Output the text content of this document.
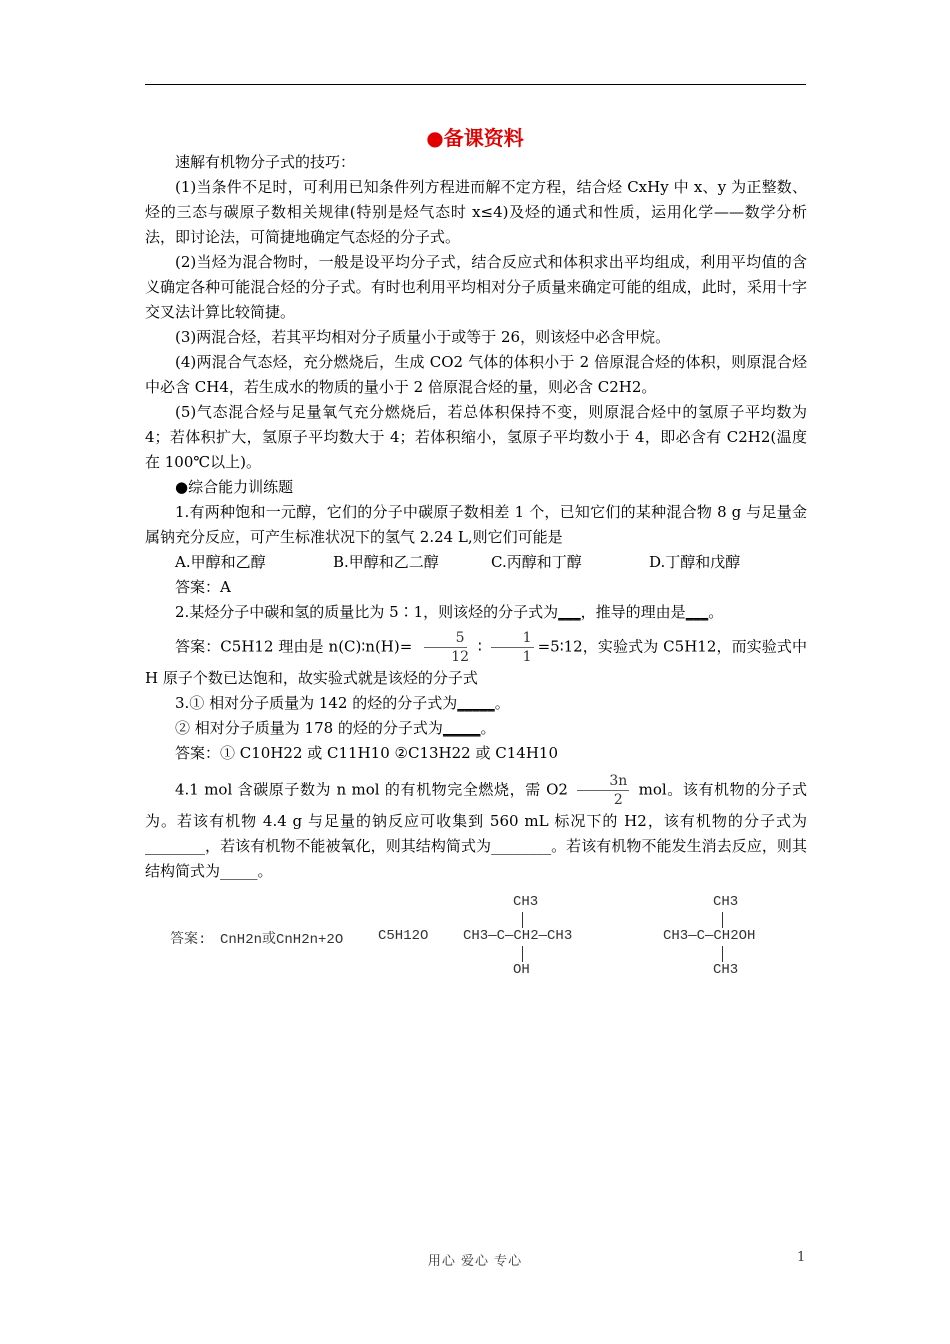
●备课资料

速解有机物分子式的技巧：

(1)当条件不足时，可利用已知条件列方程进而解不定方程，结合烃 CxHy 中 x、y 为正整数、烃的三态与碳原子数相关规律(特别是烃气态时 x≤4)及烃的通式和性质，运用化学——数学分析法，即讨论法，可简捷地确定气态烃的分子式。

(2)当烃为混合物时，一般是设平均分子式，结合反应式和体积求出平均组成，利用平均值的含义确定各种可能混合烃的分子式。有时也利用平均相对分子质量来确定可能的组成，此时，采用十字交叉法计算比较简捷。

(3)两混合烃，若其平均相对分子质量小于或等于 26，则该烃中必含甲烷。

(4)两混合气态烃，充分燃烧后，生成 CO2 气体的体积小于 2 倍原混合烃的体积，则原混合烃中必含 CH4，若生成水的物质的量小于 2 倍原混合烃的量，则必含 C2H2。

(5)气态混合烃与足量氧气充分燃烧后，若总体积保持不变，则原混合烃中的氢原子平均数为 4；若体积扩大，氢原子平均数大于 4；若体积缩小，氢原子平均数小于 4，即必含有 C2H2(温度在 100℃以上)。

●综合能力训练题

1.有两种饱和一元醇，它们的分子中碳原子数相差 1 个，已知它们的某种混合物 8 g 与足量金属钠充分反应，可产生标准状况下的氢气 2.24 L,则它们可能是

A.甲醇和乙醇	B.甲醇和乙二醇	C.丙醇和丁醇	D.丁醇和戊醇

答案：A

2.某烃分子中碳和氢的质量比为 5∶1，则该烃的分子式为___，推导的理由是___。

答案：C5H12 理由是 n(C)∶n(H)= $\frac{5}{12}$ ∶ $\frac{1}{1}$ =5∶12，实验式为 C5H12，而实验式中 H 原子个数已达饱和，故实验式就是该烃的分子式

3.① 相对分子质量为 142 的烃的分子式为_____。

② 相对分子质量为 178 的烃的分子式为_____。

答案：① C10H22 或 C11H10 ②C13H22 或 C14H10

4.1 mol 含碳原子数为 n mol 的有机物完全燃烧，需 $O2 \frac{3n}{2}$ mol。该有机物的分子式为。若该有机物 4.4 g 与足量的钠反应可收集到 560 mL 标况下的 H2，该有机物的分子式为________，若该有机物不能被氧化，则其结构简式为________。若该有机物不能发生消去反应，则其结构简式为_____。

答案: CnH2n或CnH2n+2O C5H12O
CH3
CH3—C—CH2—CH3
OH
CH3
CH3—C—CH2OH
CH3
用心 爱心 专心	1
